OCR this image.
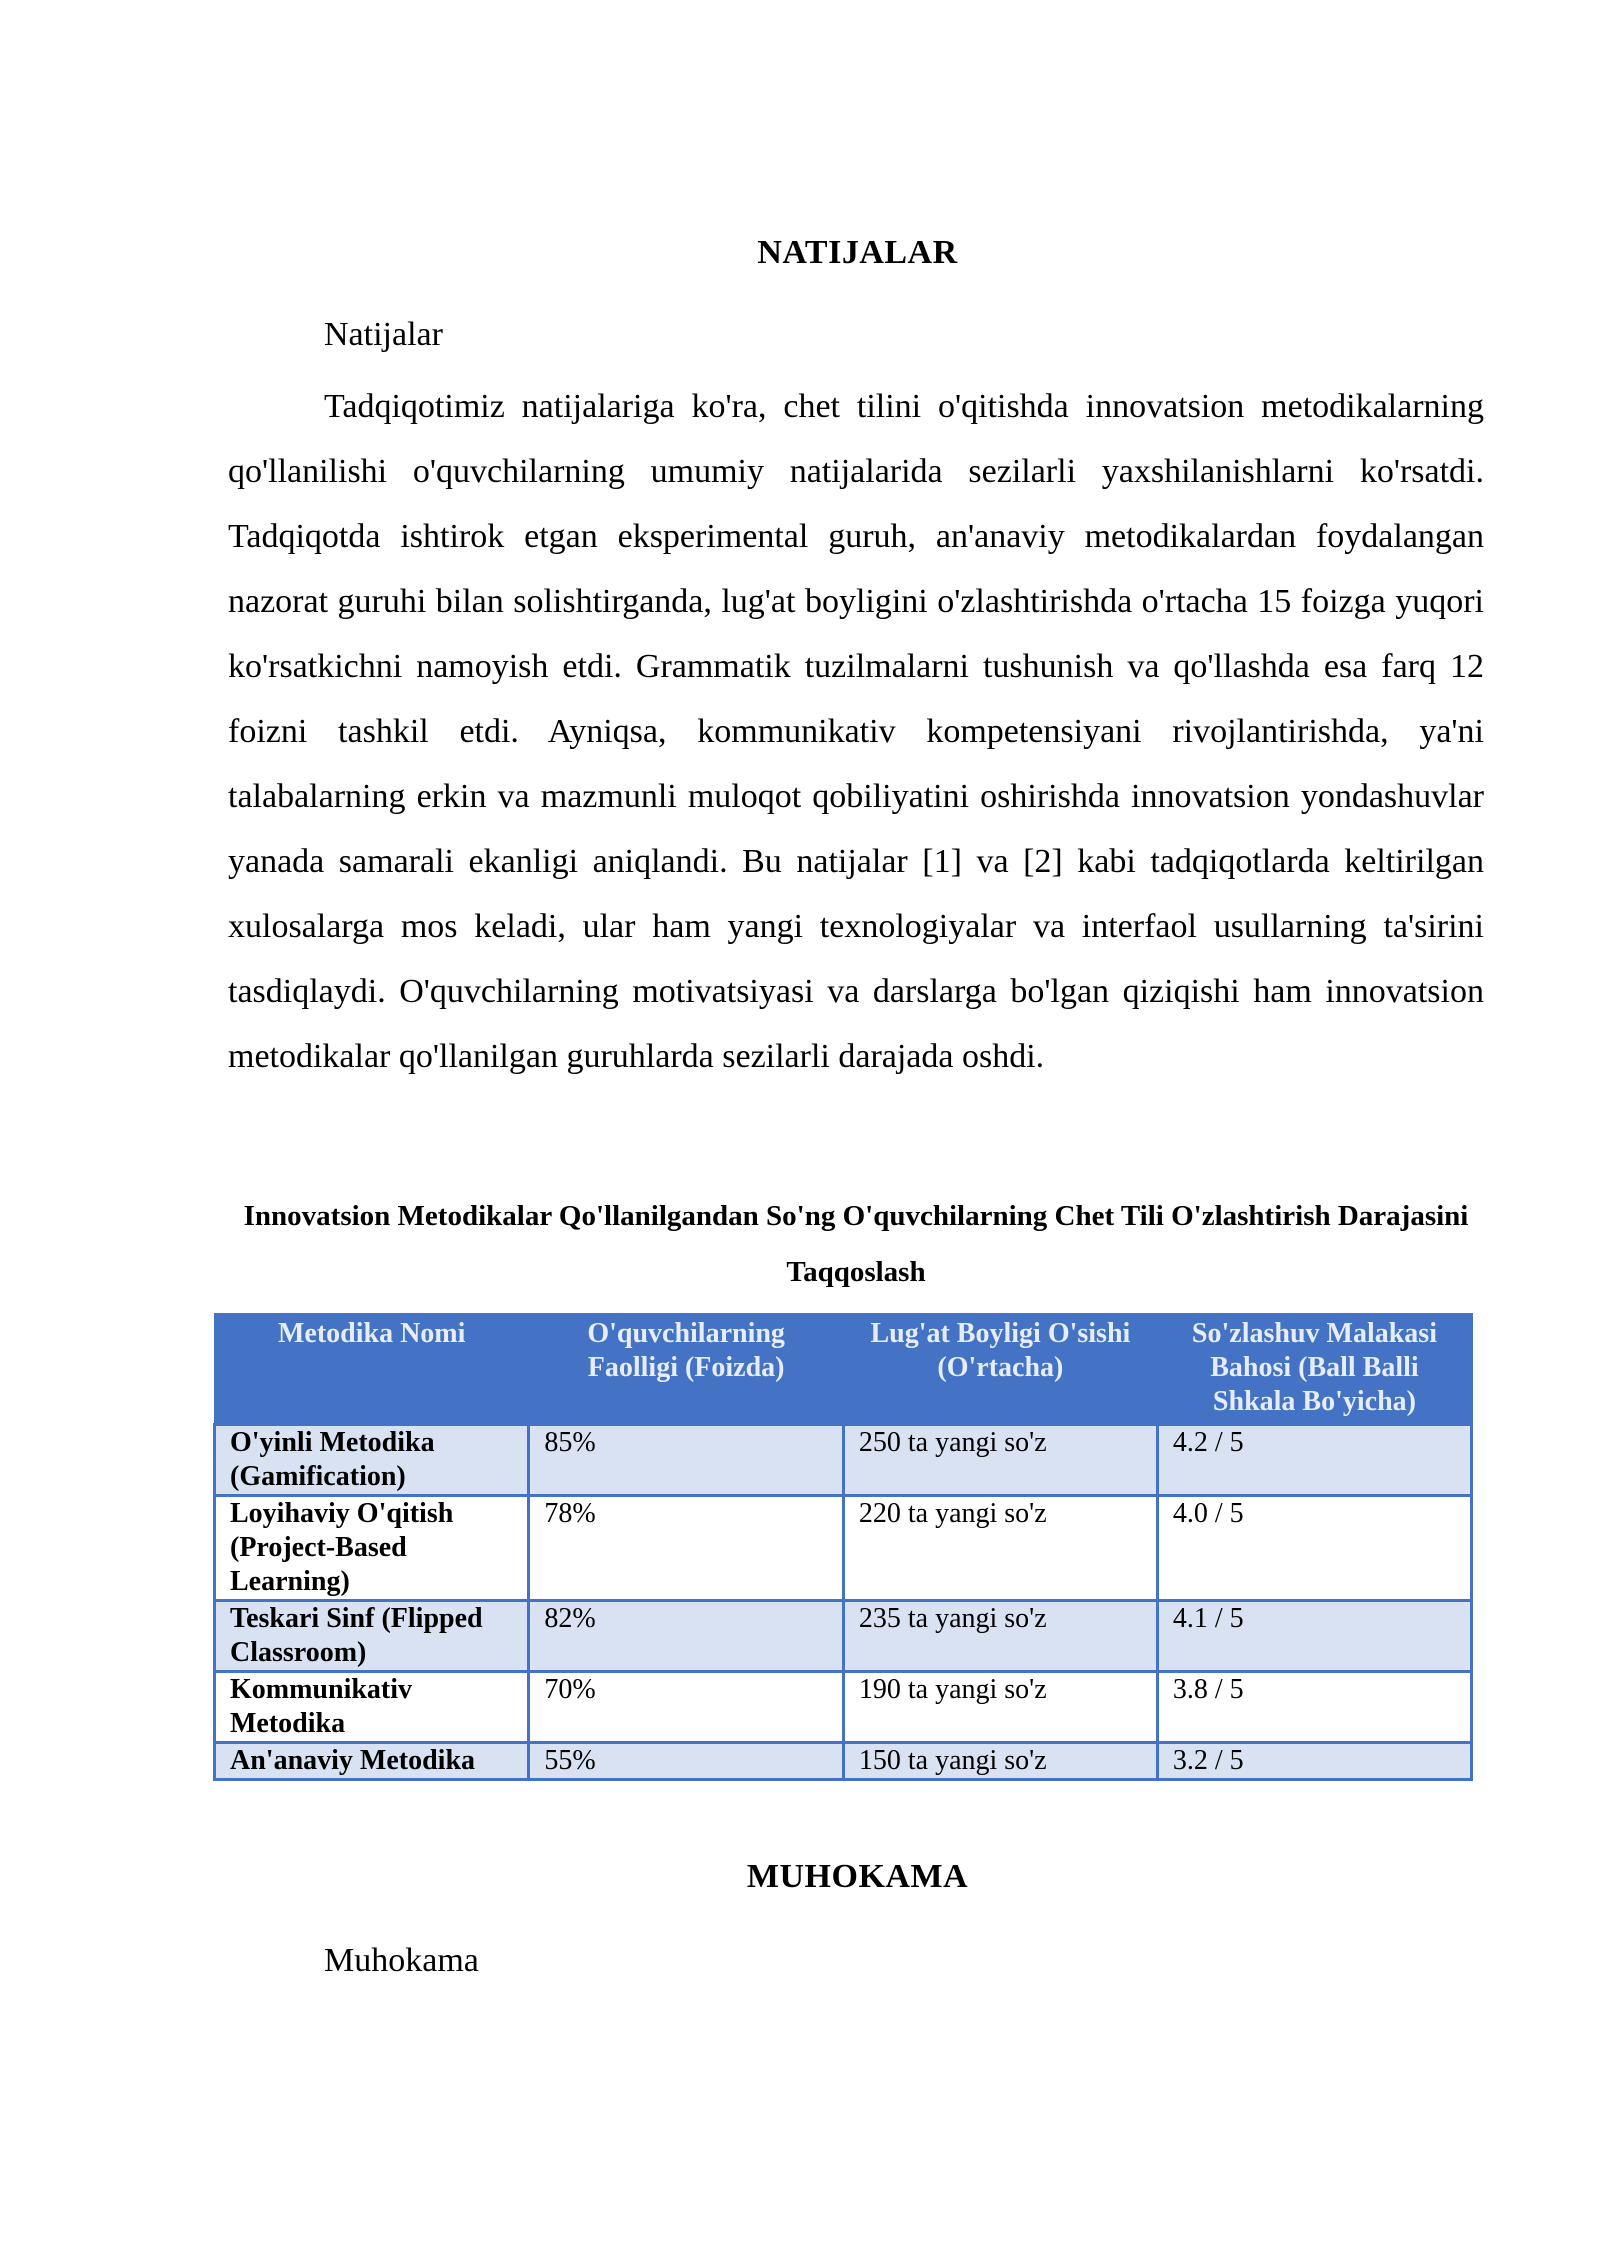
NATIJALAR
Natijalar

Tadqiqotimiz natijalariga ko'ra, chet tilini o'qitishda innovatsion metodikalarning qo'llanilishi o'quvchilarning umumiy natijalarida sezilarli yaxshilanishlarni ko'rsatdi. Tadqiqotda ishtirok etgan eksperimental guruh, an'anaviy metodikalardan foydalangan nazorat guruhi bilan solishtirganda, lug'at boyligini o'zlashtirishda o'rtacha 15 foizga yuqori ko'rsatkichni namoyish etdi. Grammatik tuzilmalarni tushunish va qo'llashda esa farq 12 foizni tashkil etdi. Ayniqsa, kommunikativ kompetensiyani rivojlantirishda, ya'ni talabalarning erkin va mazmunli muloqot qobiliyatini oshirishda innovatsion yondashuvlar yanada samarali ekanligi aniqlandi. Bu natijalar [1] va [2] kabi tadqiqotlarda keltirilgan xulosalarga mos keladi, ular ham yangi texnologiyalar va interfaol usullarning ta'sirini tasdiqlaydi. O'quvchilarning motivatsiyasi va darslarga bo'lgan qiziqishi ham innovatsion metodikalar qo'llanilgan guruhlarda sezilarli darajada oshdi.

Innovatsion Metodikalar Qo'llanilgandan So'ng O'quvchilarning Chet Tili O'zlashtirish Darajasini Taqqoslash

Metodika Nomi	O'quvchilarning Faolligi (Foizda)	Lug'at Boyligi O'sishi (O'rtacha)	So'zlashuv Malakasi Bahosi (Ball Balli Shkala Bo'yicha)
O'yinli Metodika (Gamification)	85%	250 ta yangi so'z	4.2 / 5
Loyihaviy O'qitish (Project-Based Learning)	78%	220 ta yangi so'z	4.0 / 5
Teskari Sinf (Flipped Classroom)	82%	235 ta yangi so'z	4.1 / 5
Kommunikativ Metodika	70%	190 ta yangi so'z	3.8 / 5
An'anaviy Metodika	55%	150 ta yangi so'z	3.2 / 5
MUHOKAMA
Muhokama
